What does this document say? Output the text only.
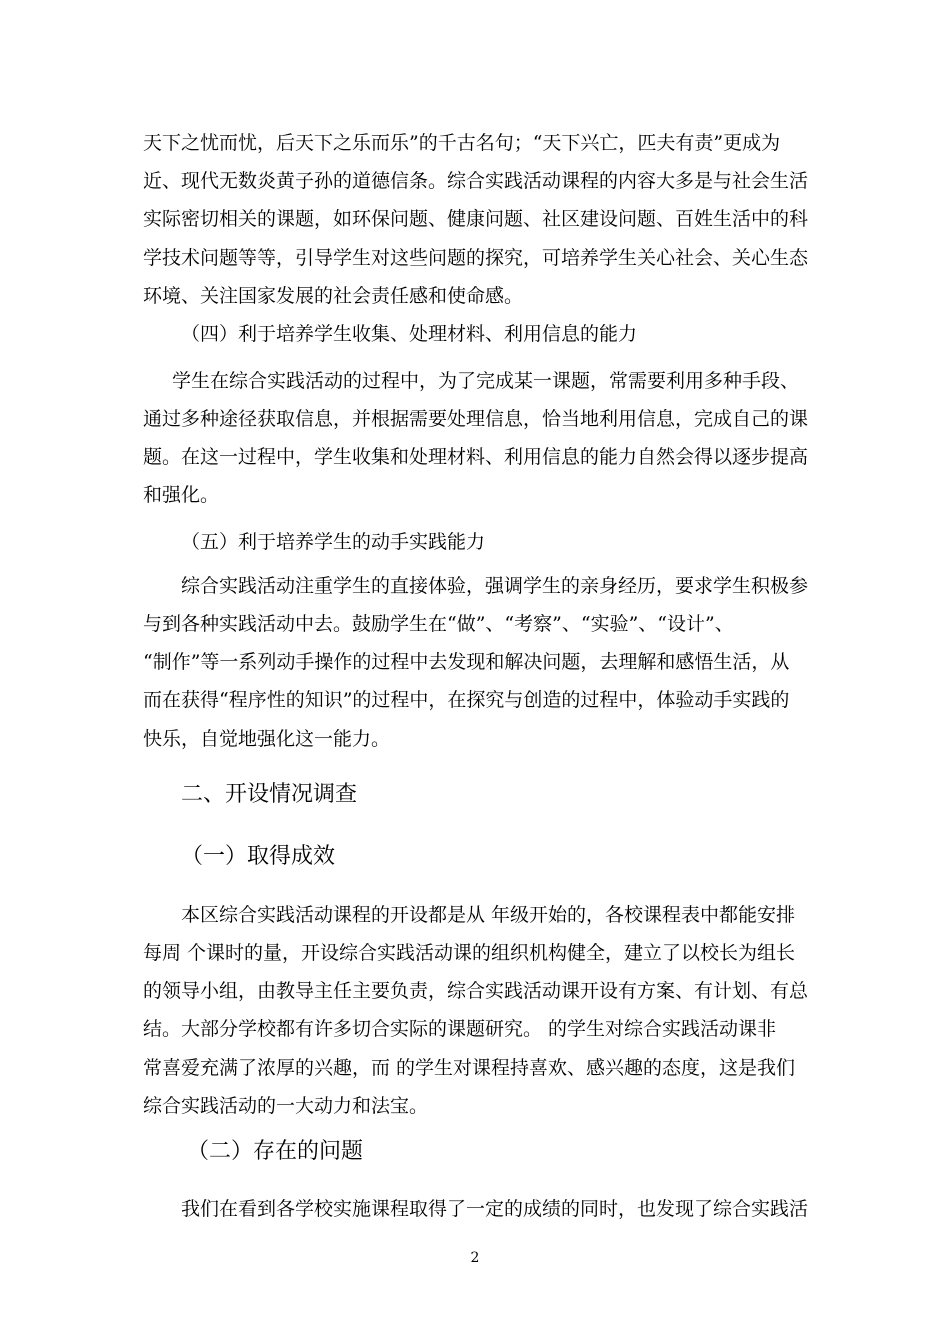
天下之忧而忧，后天下之乐而乐”的千古名句；“天下兴亡，匹夫有责”更成为
近、现代无数炎黄子孙的道德信条。综合实践活动课程的内容大多是与社会生活
实际密切相关的课题，如环保问题、健康问题、社区建设问题、百姓生活中的科
学技术问题等等，引导学生对这些问题的探究，可培养学生关心社会、关心生态
环境、关注国家发展的社会责任感和使命感。
（四）利于培养学生收集、处理材料、利用信息的能力
学生在综合实践活动的过程中，为了完成某一课题，常需要利用多种手段、
通过多种途径获取信息，并根据需要处理信息，恰当地利用信息，完成自己的课
题。在这一过程中，学生收集和处理材料、利用信息的能力自然会得以逐步提高
和强化。
（五）利于培养学生的动手实践能力
综合实践活动注重学生的直接体验，强调学生的亲身经历，要求学生积极参
与到各种实践活动中去。鼓励学生在“做”、“考察”、“实验”、“设计”、
“制作”等一系列动手操作的过程中去发现和解决问题，去理解和感悟生活，从
而在获得“程序性的知识”的过程中，在探究与创造的过程中，体验动手实践的
快乐，自觉地强化这一能力。
二、开设情况调查
（一）取得成效
本区综合实践活动课程的开设都是从 年级开始的，各校课程表中都能安排
每周 个课时的量，开设综合实践活动课的组织机构健全，建立了以校长为组长
的领导小组，由教导主任主要负责，综合实践活动课开设有方案、有计划、有总
结。大部分学校都有许多切合实际的课题研究。 的学生对综合实践活动课非
常喜爱充满了浓厚的兴趣，而 的学生对课程持喜欢、感兴趣的态度，这是我们
综合实践活动的一大动力和法宝。
（二）存在的问题
我们在看到各学校实施课程取得了一定的成绩的同时，也发现了综合实践活
2
